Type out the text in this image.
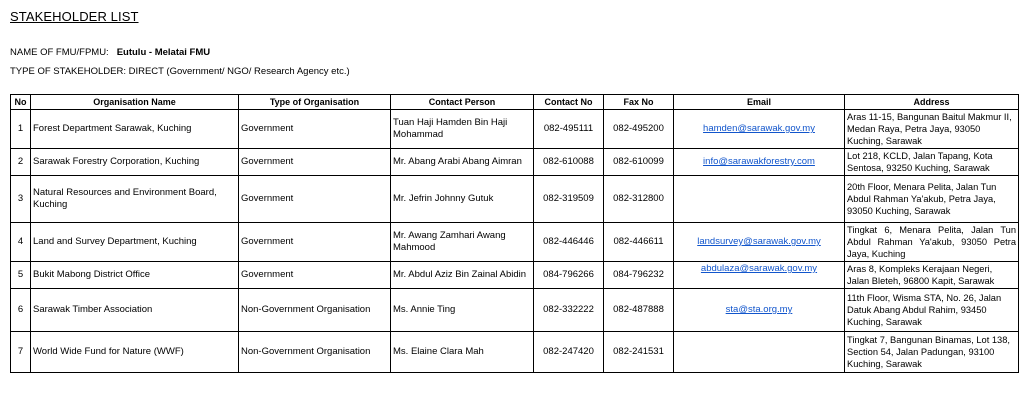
STAKEHOLDER LIST
NAME OF FMU/FPMU: Eutulu - Melatai FMU
TYPE OF STAKEHOLDER: DIRECT (Government/ NGO/ Research Agency etc.)
No	Organisation Name	Type of Organisation	Contact Person	Contact No	Fax No	Email	Address
1	Forest Department Sarawak, Kuching	Government	Tuan Haji Hamden Bin Haji Mohammad	082-495111	082-495200	hamden@sarawak.gov.my	Aras 11-15, Bangunan Baitul Makmur II, Medan Raya, Petra Jaya, 93050 Kuching, Sarawak
2	Sarawak Forestry Corporation, Kuching	Government	Mr. Abang Arabi Abang Aimran	082-610088	082-610099	info@sarawakforestry.com	Lot 218, KCLD, Jalan Tapang, Kota Sentosa, 93250 Kuching, Sarawak
3	Natural Resources and Environment Board, Kuching	Government	Mr. Jefrin Johnny Gutuk	082-319509	082-312800		20th Floor, Menara Pelita, Jalan Tun Abdul Rahman Ya'akub, Petra Jaya, 93050 Kuching, Sarawak
4	Land and Survey Department, Kuching	Government	Mr. Awang Zamhari Awang Mahmood	082-446446	082-446611	landsurvey@sarawak.gov.my	Tingkat 6, Menara Pelita, Jalan Tun Abdul Rahman Ya'akub, 93050 Petra Jaya, Kuching
5	Bukit Mabong District Office	Government	Mr. Abdul Aziz Bin Zainal Abidin	084-796266	084-796232	abdulaza@sarawak.gov.my	Aras 8, Kompleks Kerajaan Negeri, Jalan Bleteh, 96800 Kapit, Sarawak
6	Sarawak Timber Association	Non-Government Organisation	Ms. Annie Ting	082-332222	082-487888	sta@sta.org.my	11th Floor, Wisma STA, No. 26, Jalan Datuk Abang Abdul Rahim, 93450 Kuching, Sarawak
7	World Wide Fund for Nature (WWF)	Non-Government Organisation	Ms. Elaine Clara Mah	082-247420	082-241531		Tingkat 7, Bangunan Binamas, Lot 138, Section 54, Jalan Padungan, 93100 Kuching, Sarawak
